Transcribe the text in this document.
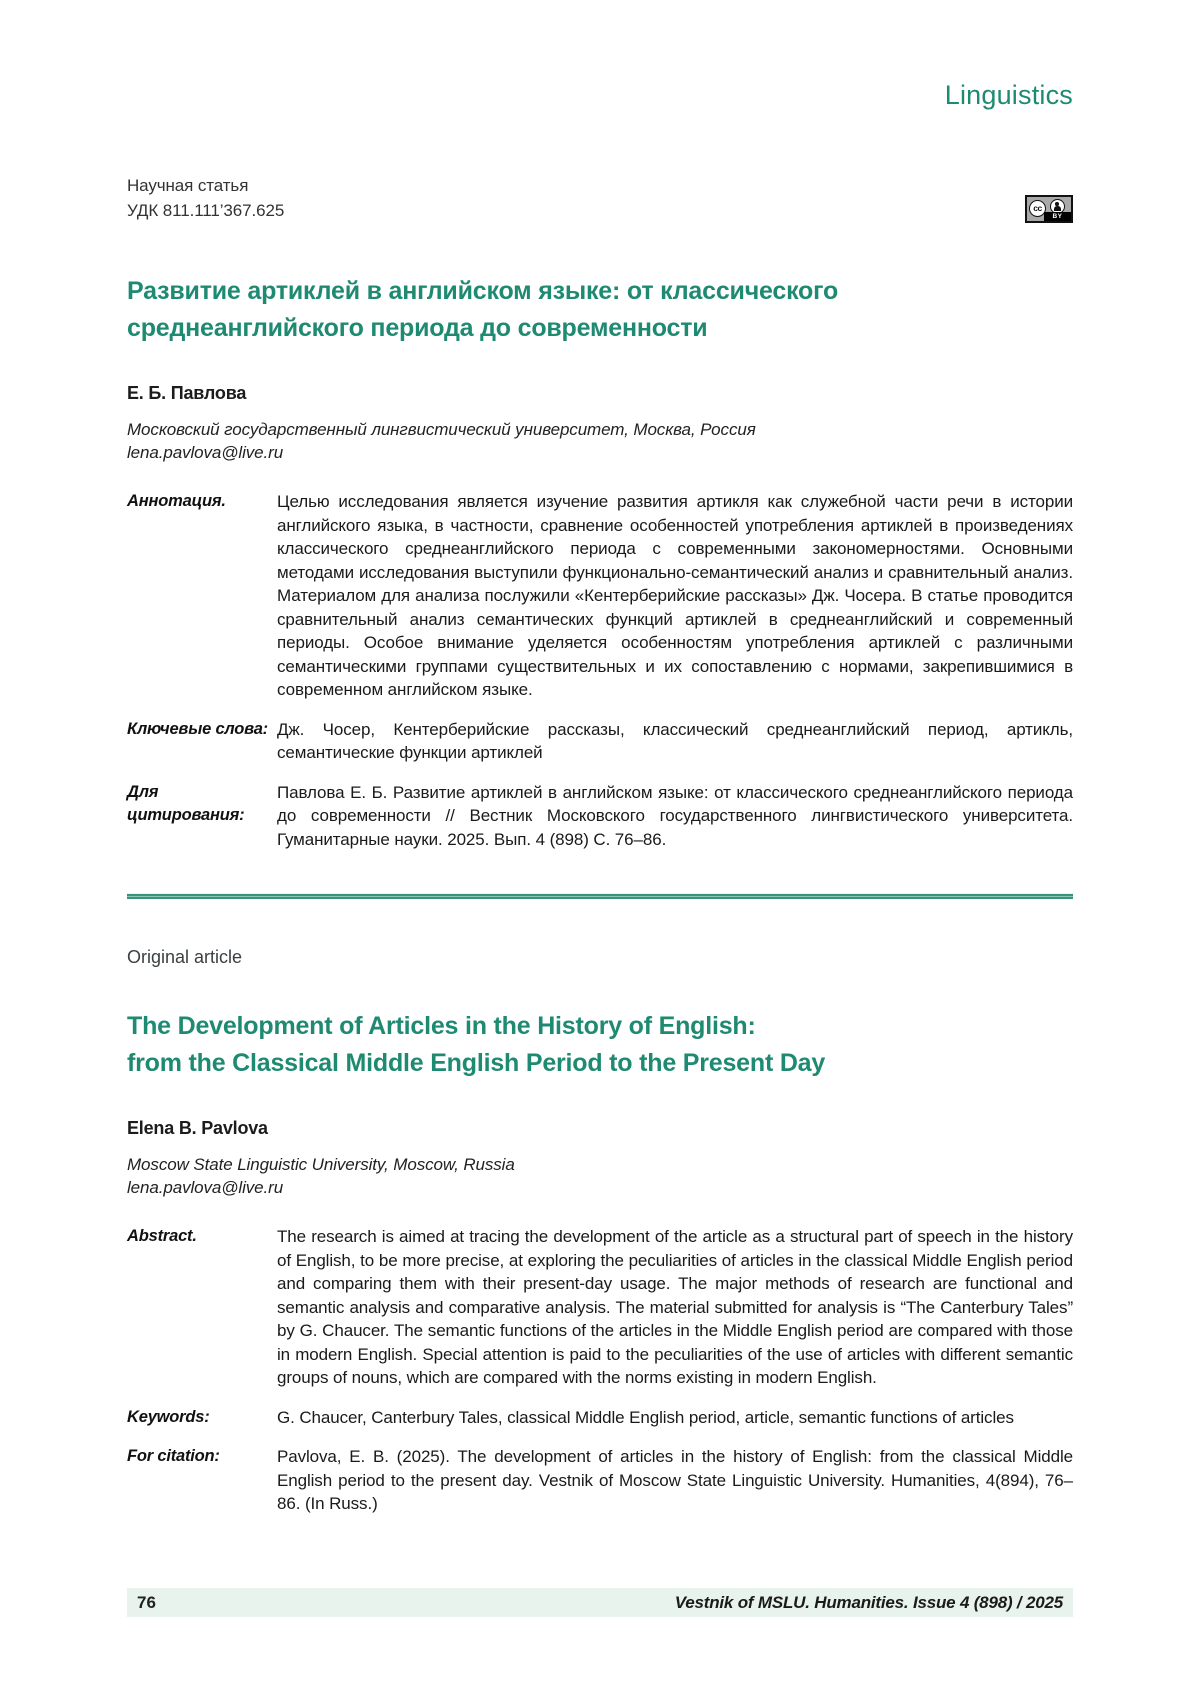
Linguistics
Научная статья
УДК 811.111’367.625	cc
BY
Развитие артиклей в английском языке: от классического
среднеанглийского периода до современности
Е. Б. Павлова
Московский государственный лингвистический университет, Москва, Россия
lena.pavlova@live.ru
Аннотация.	Целью исследования является изучение развития артикля как служебной части речи в истории английского языка, в частности, сравнение особенностей употребления артиклей в произведениях классического среднеанглийского периода с современными закономерностями. Основными методами исследования выступили функционально-семантический анализ и сравнительный анализ. Материалом для анализа послужили «Кентерберийские рассказы» Дж. Чосера. В статье проводится сравнительный анализ семантических функций артиклей в среднеанглийский и современный периоды. Особое внимание уделяется особенностям употребления артиклей с различными семантическими группами существительных и их сопоставлению с нормами, закрепившимися в современном английском языке.
Ключевые слова: Дж. Чосер, Кентерберийские рассказы, классический среднеанглийский период, артикль, семантические функции артиклей
Для цитирования:
Павлова Е. Б. Развитие артиклей в английском языке: от классического среднеанглийского периода до современности // Вестник Московского государственного лингвистического университета. Гуманитарные науки. 2025. Вып. 4 (898) С. 76–86.
Original article
The Development of Articles in the History of English:
from the Classical Middle English Period to the Present Day
Elena B. Pavlova
Moscow State Linguistic University, Moscow, Russia
lena.pavlova@live.ru
Abstract.	The research is aimed at tracing the development of the article as a structural part of speech in the history of English, to be more precise, at exploring the peculiarities of articles in the classical Middle English period and comparing them with their present-day usage. The major methods of research are functional and semantic analysis and comparative analysis. The material submitted for analysis is “The Canterbury Tales” by G. Chaucer. The semantic functions of the articles in the Middle English period are compared with those in modern English. Special attention is paid to the peculiarities of the use of articles with different semantic groups of nouns, which are compared with the norms existing in modern English.
Keywords:	G. Chaucer, Canterbury Tales, classical Middle English period, article, semantic functions of articles
For citation:	Pavlova, E. B. (2025). The development of articles in the history of English: from the classical Middle English period to the present day. Vestnik of Moscow State Linguistic University. Humanities, 4(894), 76–86. (In Russ.)
76	Vestnik of MSLU. Humanities. Issue 4 (898) / 2025
